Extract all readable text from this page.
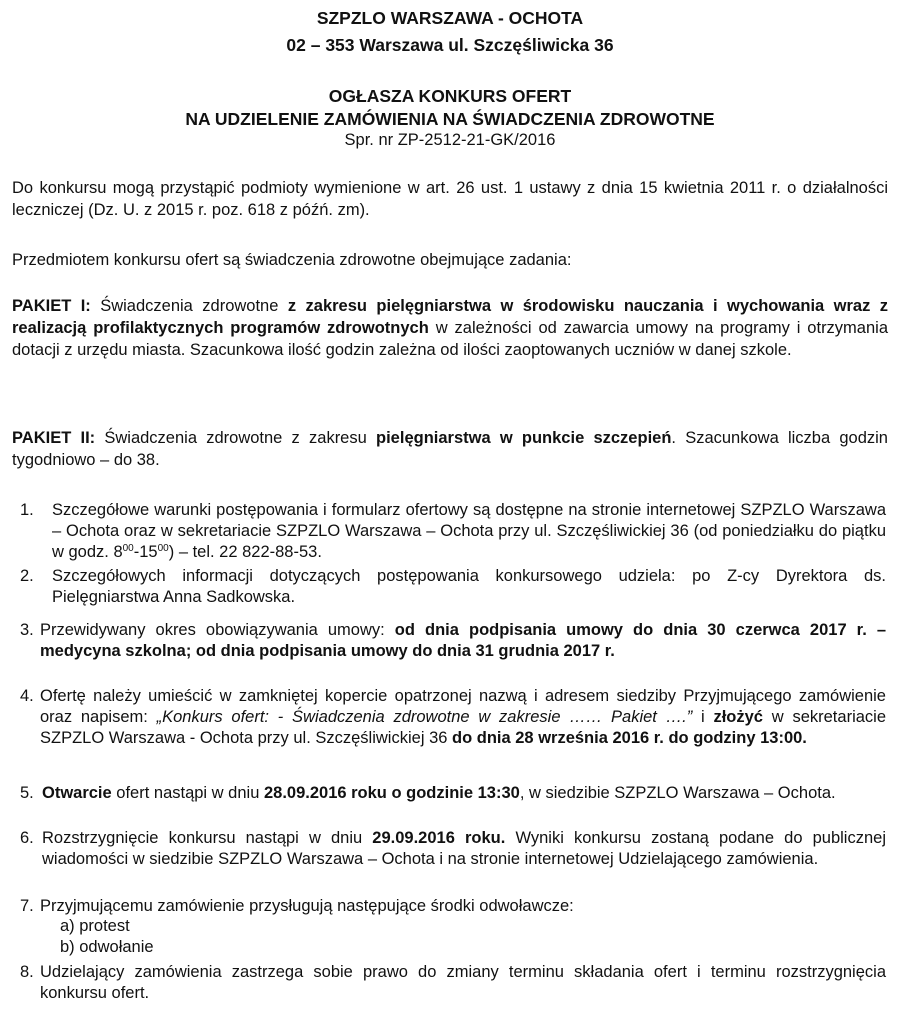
SZPZLO WARSZAWA - OCHOTA
02 – 353 Warszawa ul. Szczęśliwicka 36
OGŁASZA KONKURS OFERT
NA UDZIELENIE ZAMÓWIENIA NA ŚWIADCZENIA ZDROWOTNE
Spr. nr ZP-2512-21-GK/2016
Do konkursu mogą przystąpić podmioty wymienione w art. 26 ust. 1 ustawy z dnia 15 kwietnia 2011 r. o działalności leczniczej (Dz. U. z 2015 r. poz. 618 z późń. zm).
Przedmiotem konkursu ofert są świadczenia zdrowotne obejmujące zadania:
PAKIET I: Świadczenia zdrowotne z zakresu pielęgniarstwa w środowisku nauczania i wychowania wraz z realizacją profilaktycznych programów zdrowotnych w zależności od zawarcia umowy na programy i otrzymania dotacji z urzędu miasta. Szacunkowa ilość godzin zależna od ilości zaoptowanych uczniów w danej szkole.
PAKIET II: Świadczenia zdrowotne z zakresu pielęgniarstwa w punkcie szczepień. Szacunkowa liczba godzin tygodniowo – do 38.
1.	Szczegółowe warunki postępowania i formularz ofertowy są dostępne na stronie internetowej SZPZLO Warszawa – Ochota oraz w sekretariacie SZPZLO Warszawa – Ochota przy ul. Szczęśliwickiej 36 (od poniedziałku do piątku w godz. $8^{00}-15^{00}$) – tel. 22 822-88-53.
2.	Szczegółowych informacji dotyczących postępowania konkursowego udziela: po Z-cy Dyrektora ds. Pielęgniarstwa Anna Sadkowska.
3. Przewidywany okres obowiązywania umowy: od dnia podpisania umowy do dnia 30 czerwca 2017 r. – medycyna szkolna; od dnia podpisania umowy do dnia 31 grudnia 2017 r.
4. Ofertę należy umieścić w zamkniętej kopercie opatrzonej nazwą i adresem siedziby Przyjmującego zamówienie oraz napisem: „Konkurs ofert: - Świadczenia zdrowotne w zakresie …… Pakiet ….” i złożyć w sekretariacie SZPZLO Warszawa - Ochota przy ul. Szczęśliwickiej 36 do dnia 28 września 2016 r. do godziny 13:00.
5. Otwarcie ofert nastąpi w dniu 28.09.2016 roku o godzinie 13:30, w siedzibie SZPZLO Warszawa – Ochota.
6. Rozstrzygnięcie konkursu nastąpi w dniu 29.09.2016 roku. Wyniki konkursu zostaną podane do publicznej wiadomości w siedzibie SZPZLO Warszawa – Ochota i na stronie internetowej Udzielającego zamówienia.
7. Przyjmującemu zamówienie przysługują następujące środki odwoławcze:
a) protest
b) odwołanie
8. Udzielający zamówienia zastrzega sobie prawo do zmiany terminu składania ofert i terminu rozstrzygnięcia konkursu ofert.
